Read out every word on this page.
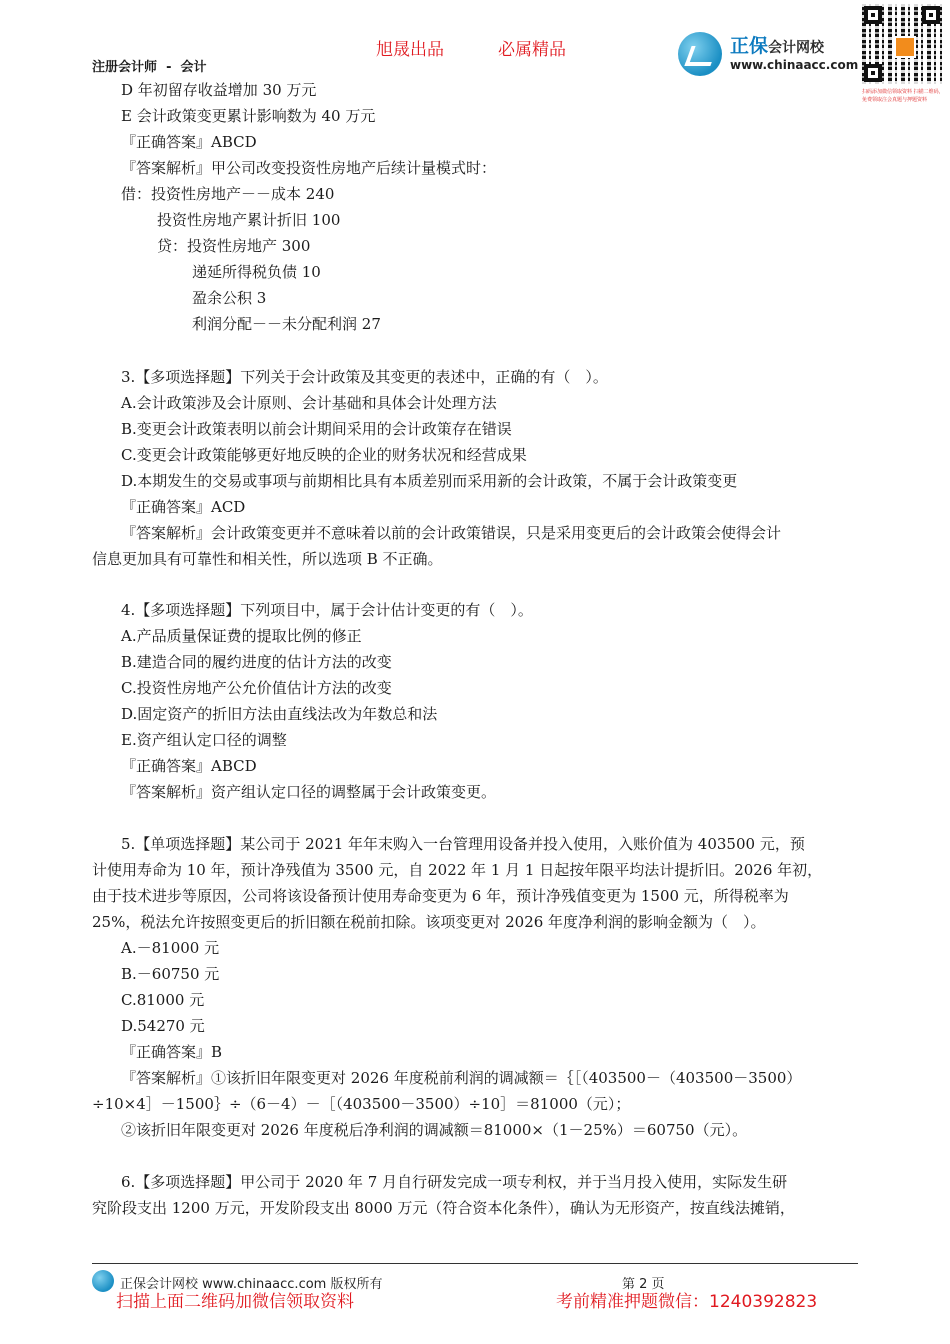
旭晟出品	必属精品
注册会计师 - 会计
正保会计网校
www.chinaacc.com
扫码添加微信领取资料 扫描二维码，免费领取注会真题与押题资料
D 年初留存收益增加 30 万元
E 会计政策变更累计影响数为 40 万元
『正确答案』ABCD
『答案解析』甲公司改变投资性房地产后续计量模式时：
借：投资性房地产－－成本 240
投资性房地产累计折旧 100
贷：投资性房地产 300
递延所得税负债 10
盈余公积 3
利润分配－－未分配利润 27
3.【多项选择题】下列关于会计政策及其变更的表述中，正确的有（　）。
A.会计政策涉及会计原则、会计基础和具体会计处理方法
B.变更会计政策表明以前会计期间采用的会计政策存在错误
C.变更会计政策能够更好地反映的企业的财务状况和经营成果
D.本期发生的交易或事项与前期相比具有本质差别而采用新的会计政策，不属于会计政策变更
『正确答案』ACD
『答案解析』会计政策变更并不意味着以前的会计政策错误，只是采用变更后的会计政策会使得会计
信息更加具有可靠性和相关性，所以选项 B 不正确。
4.【多项选择题】下列项目中，属于会计估计变更的有（　）。
A.产品质量保证费的提取比例的修正
B.建造合同的履约进度的估计方法的改变
C.投资性房地产公允价值估计方法的改变
D.固定资产的折旧方法由直线法改为年数总和法
E.资产组认定口径的调整
『正确答案』ABCD
『答案解析』资产组认定口径的调整属于会计政策变更。
5.【单项选择题】某公司于 2021 年年末购入一台管理用设备并投入使用，入账价值为 403500 元，预
计使用寿命为 10 年，预计净残值为 3500 元，自 2022 年 1 月 1 日起按年限平均法计提折旧。2026 年初，
由于技术进步等原因，公司将该设备预计使用寿命变更为 6 年，预计净残值变更为 1500 元，所得税率为
25%，税法允许按照变更后的折旧额在税前扣除。该项变更对 2026 年度净利润的影响金额为（　）。
A.－81000 元
B.－60750 元
C.81000 元
D.54270 元
『正确答案』B
『答案解析』①该折旧年限变更对 2026 年度税前利润的调减额＝｛［（403500－（403500－3500）
÷10×4］－1500｝÷（6－4）－［（403500－3500）÷10］＝81000（元）；
②该折旧年限变更对 2026 年度税后净利润的调减额＝81000×（1－25%）＝60750（元）。
6.【多项选择题】甲公司于 2020 年 7 月自行研发完成一项专利权，并于当月投入使用，实际发生研
究阶段支出 1200 万元，开发阶段支出 8000 万元（符合资本化条件），确认为无形资产，按直线法摊销，
正保会计网校 www.chinaacc.com 版权所有	第 2 页
扫描上面二维码加微信领取资料	考前精准押题微信：1240392823
